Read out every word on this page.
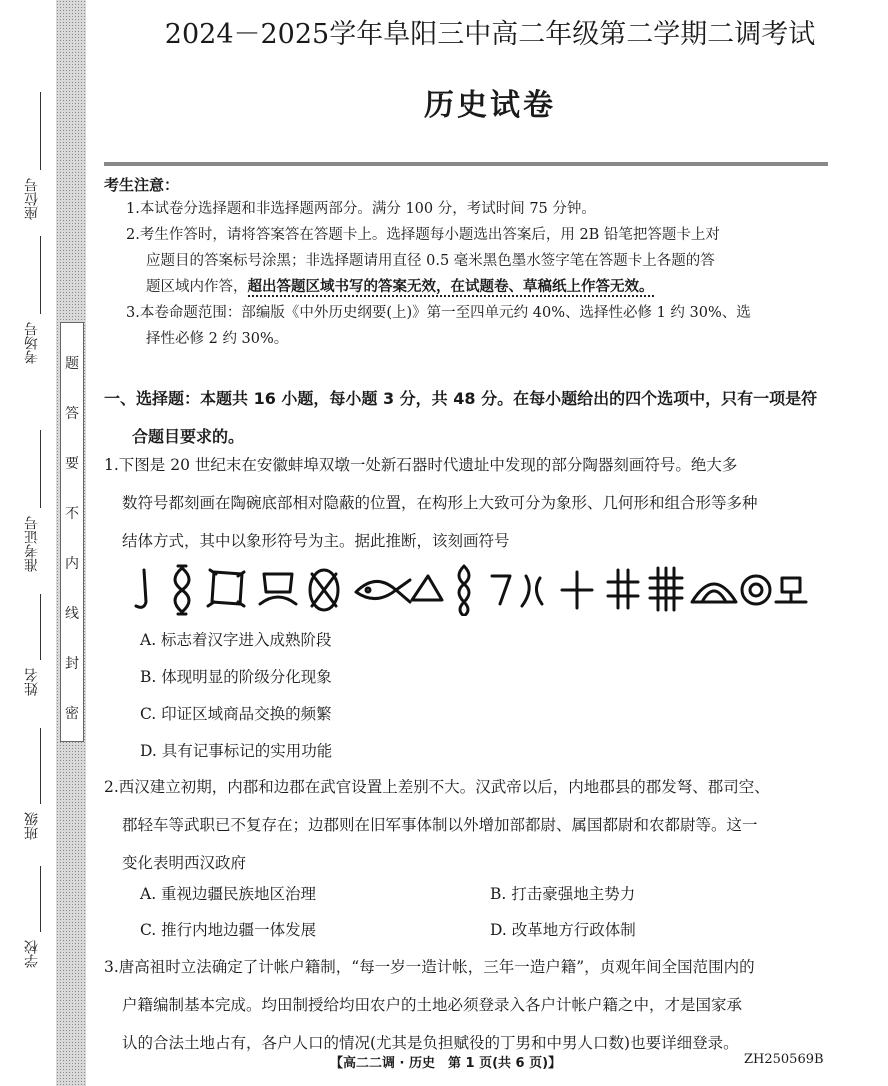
座位号
考场号
准考证号
姓名
班级
学校
题
答
要
不
内
线
封
密
2024－2025学年阜阳三中高二年级第二学期二调考试
历史试卷
考生注意：
1.本试卷分选择题和非选择题两部分。满分 100 分，考试时间 75 分钟。
2.考生作答时，请将答案答在答题卡上。选择题每小题选出答案后，用 2B 铅笔把答题卡上对
应题目的答案标号涂黑；非选择题请用直径 0.5 毫米黑色墨水签字笔在答题卡上各题的答
题区域内作答，超出答题区域书写的答案无效，在试题卷、草稿纸上作答无效。
3.本卷命题范围：部编版《中外历史纲要(上)》第一至四单元约 40%、选择性必修 1 约 30%、选
择性必修 2 约 30%。
一、选择题：本题共 16 小题，每小题 3 分，共 48 分。在每小题给出的四个选项中，只有一项是符
合题目要求的。
1.下图是 20 世纪末在安徽蚌埠双墩一处新石器时代遗址中发现的部分陶器刻画符号。绝大多
数符号都刻画在陶碗底部相对隐蔽的位置，在构形上大致可分为象形、几何形和组合形等多种
结体方式，其中以象形符号为主。据此推断，该刻画符号
A. 标志着汉字进入成熟阶段
B. 体现明显的阶级分化现象
C. 印证区域商品交换的频繁
D. 具有记事标记的实用功能
2.西汉建立初期，内郡和边郡在武官设置上差别不大。汉武帝以后，内地郡县的郡发弩、郡司空、
郡轻车等武职已不复存在；边郡则在旧军事体制以外增加部都尉、属国都尉和农都尉等。这一
变化表明西汉政府
A. 重视边疆民族地区治理	B. 打击豪强地主势力
C. 推行内地边疆一体发展	D. 改革地方行政体制
3.唐高祖时立法确定了计帐户籍制，“每一岁一造计帐，三年一造户籍”，贞观年间全国范围内的
户籍编制基本完成。均田制授给均田农户的土地必须登录入各户计帐户籍之中，才是国家承
认的合法土地占有，各户人口的情况(尤其是负担赋役的丁男和中男人口数)也要详细登录。
【高二二调 · 历史　第 1 页(共 6 页)】	ZH250569B
